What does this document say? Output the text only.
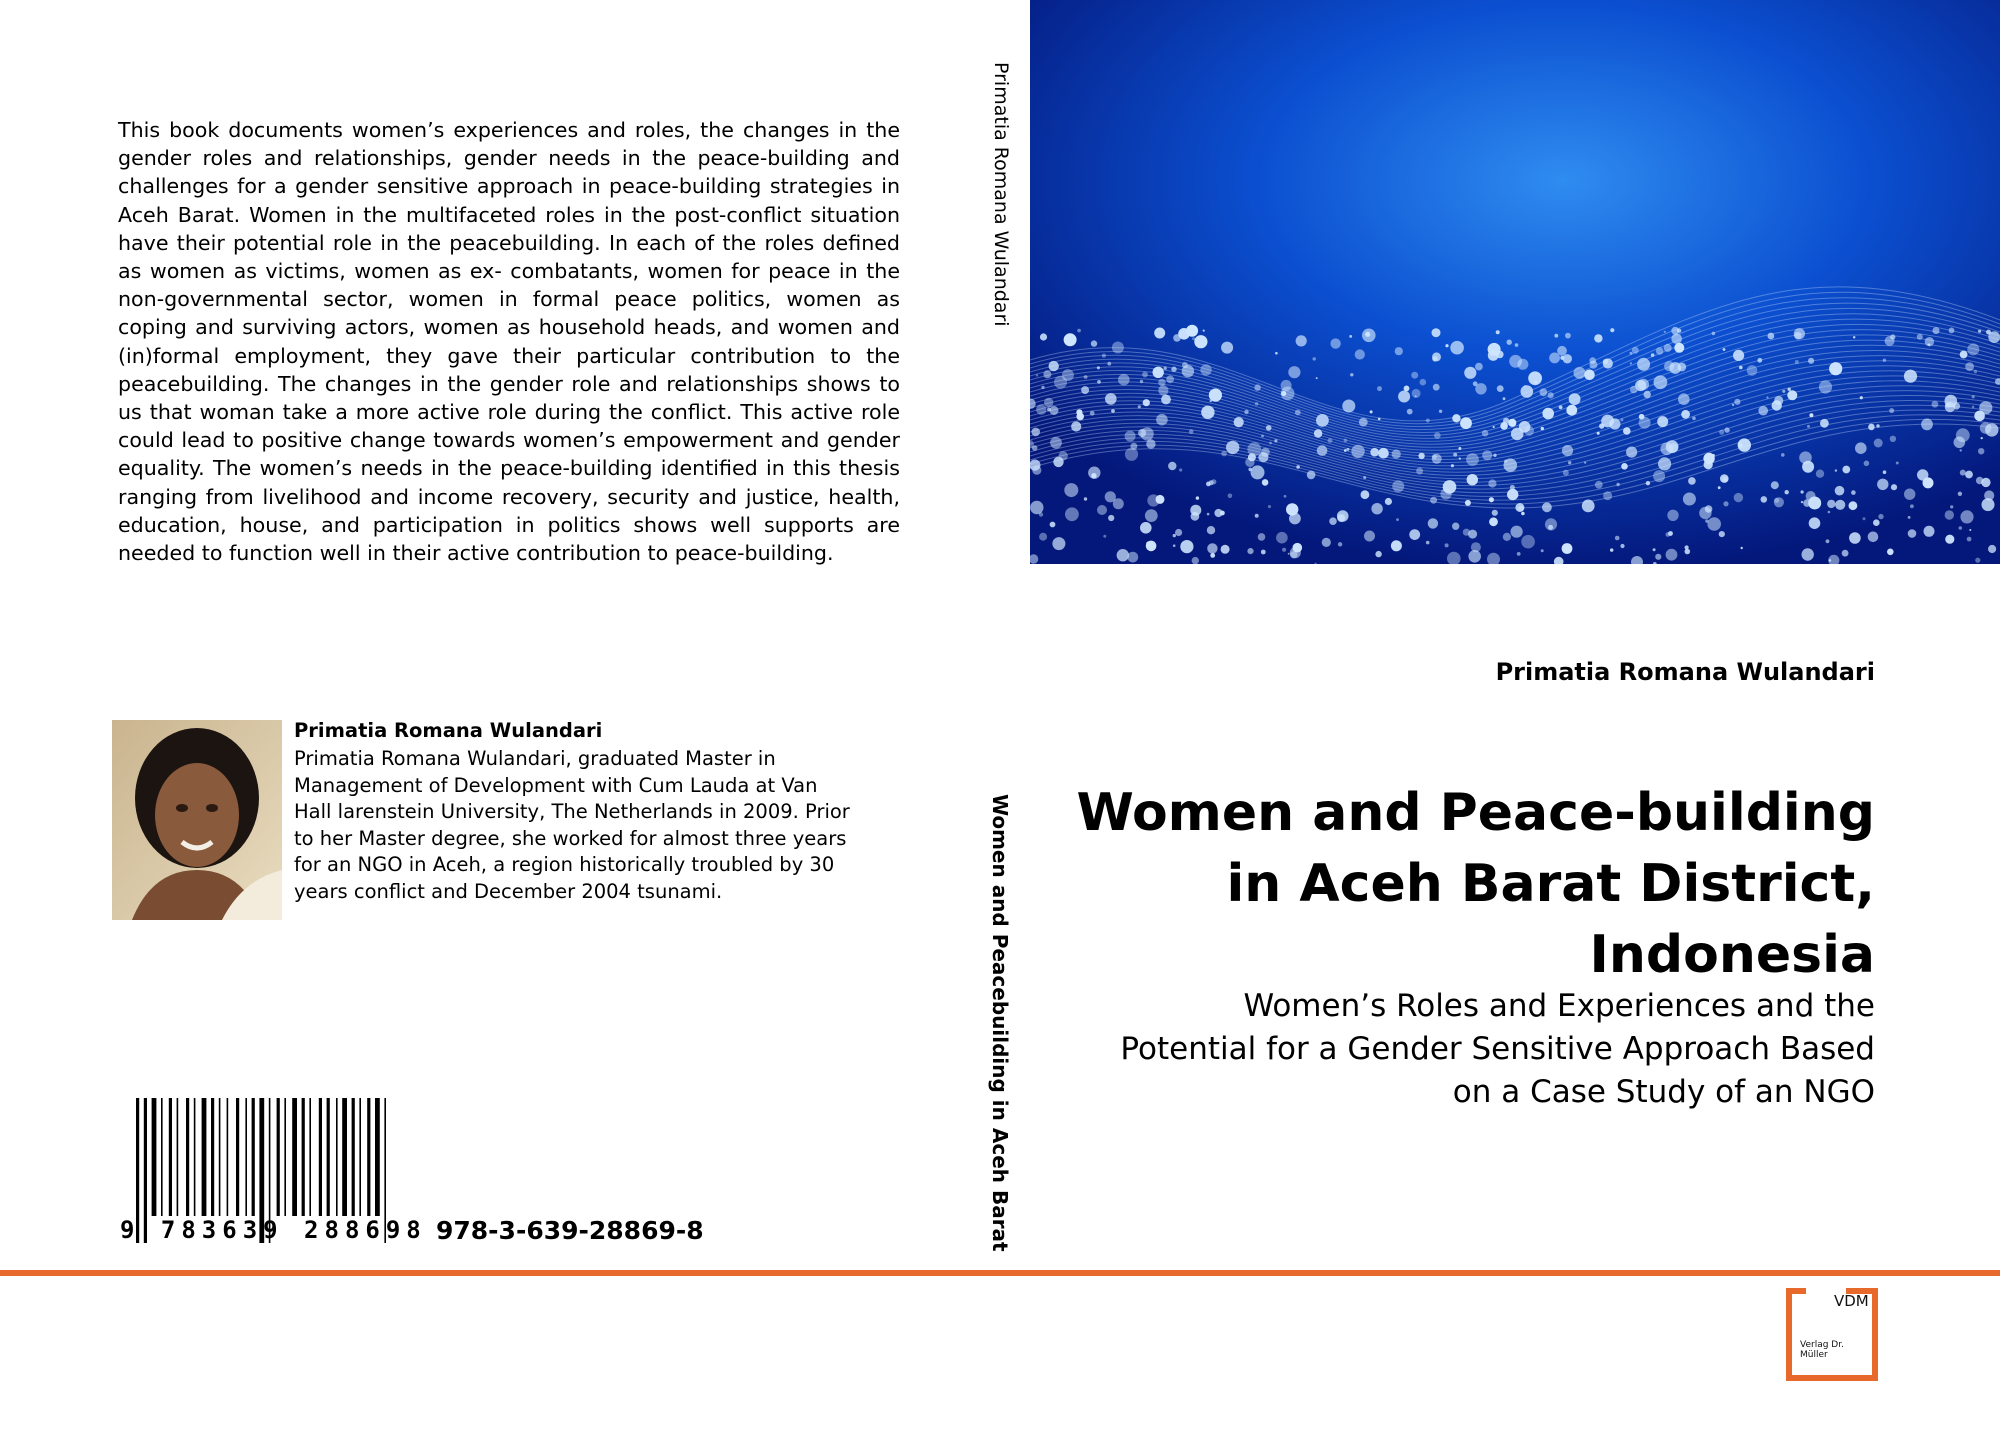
This book documents women’s experiences and roles, the changes in the gender roles and relationships, gender needs in the peace-building and challenges for a gender sensitive approach in peace-building strategies in Aceh Barat. Women in the multifaceted roles in the post-conflict situation have their potential role in the peacebuilding. In each of the roles defined as women as victims, women as ex- combatants, women for peace in the non-governmental sector, women in formal peace politics, women as coping and surviving actors, women as household heads, and women and (in)formal employment, they gave their particular contribution to the peacebuilding. The changes in the gender role and relationships shows to us that woman take a more active role during the conflict. This active role could lead to positive change towards women’s empowerment and gender equality. The women’s needs in the peace-building identified in this thesis ranging from livelihood and income recovery, security and justice, health, education, house, and participation in politics shows well supports are needed to function well in their active contribution to peace-building.
Primatia Romana Wulandari
Primatia Romana Wulandari, graduated Master in Management of Development with Cum Lauda at Van Hall larenstein University, The Netherlands in 2009. Prior to her Master degree, she worked for almost three years for an NGO in Aceh, a region historically troubled by 30 years conflict and December 2004 tsunami.
9 783639 288698 978-3-639-28869-8
Primatia Romana Wulandari
Women and Peacebuilding in Aceh Barat
Primatia Romana Wulandari
Women and Peace-building in Aceh Barat District, Indonesia
Women’s Roles and Experiences and the Potential for a Gender Sensitive Approach Based on a Case Study of an NGO
VDM
Verlag Dr. Müller
